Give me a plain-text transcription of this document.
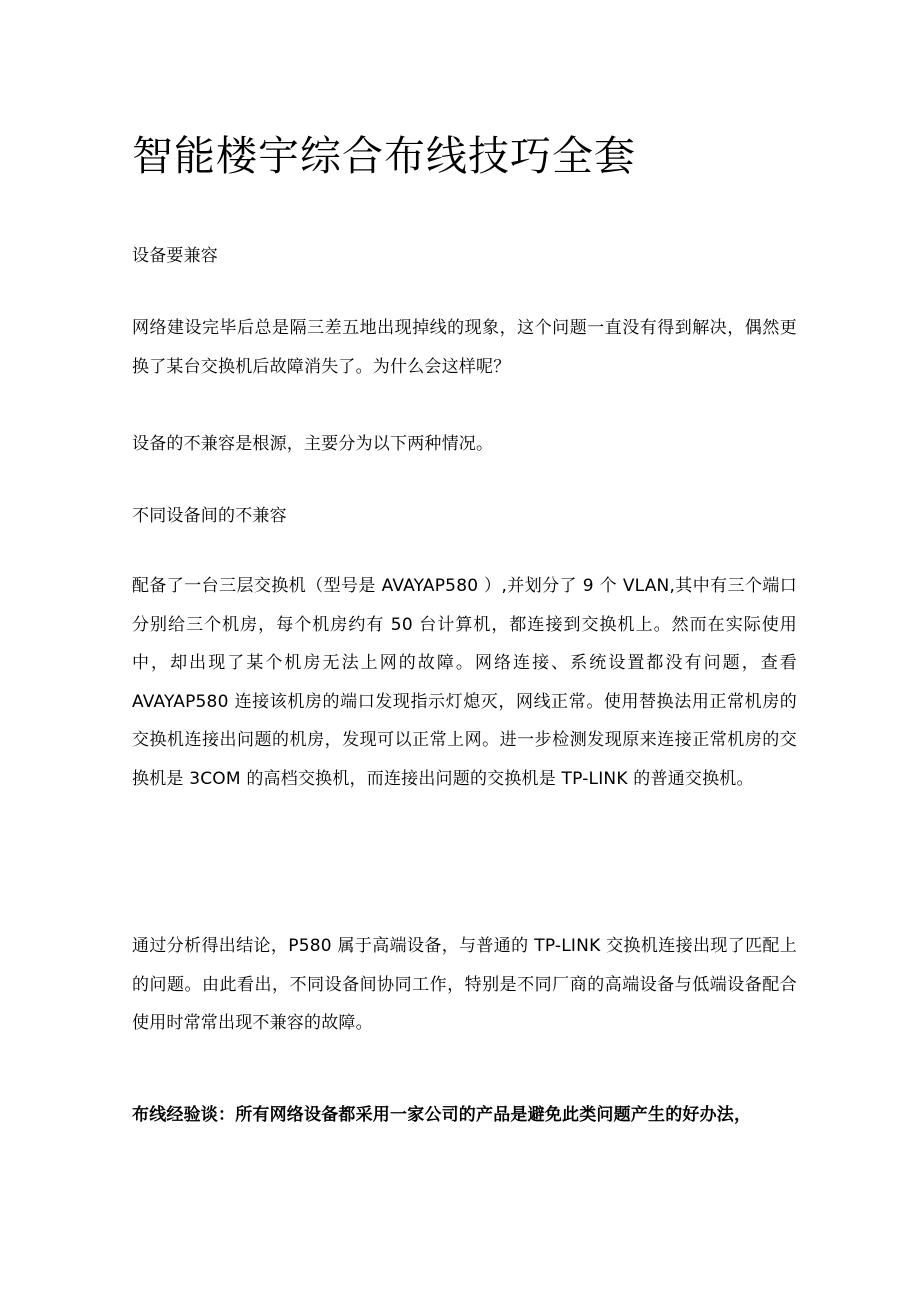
智能楼宇综合布线技巧全套

设备要兼容

网络建设完毕后总是隔三差五地出现掉线的现象，这个问题一直没有得到解决，偶然更换了某台交换机后故障消失了。为什么会这样呢？

设备的不兼容是根源，主要分为以下两种情况。

不同设备间的不兼容

配备了一台三层交换机（型号是 AVAYAP580 ）,并划分了 9 个 VLAN,其中有三个端口分别给三个机房，每个机房约有 50 台计算机，都连接到交换机上。然而在实际使用中，却出现了某个机房无法上网的故障。网络连接、系统设置都没有问题，查看 AVAYAP580 连接该机房的端口发现指示灯熄灭，网线正常。使用替换法用正常机房的交换机连接出问题的机房，发现可以正常上网。进一步检测发现原来连接正常机房的交换机是 3COM 的高档交换机，而连接出问题的交换机是 TP-LINK 的普通交换机。

通过分析得出结论，P580 属于高端设备，与普通的 TP-LINK 交换机连接出现了匹配上的问题。由此看出，不同设备间协同工作，特别是不同厂商的高端设备与低端设备配合使用时常常出现不兼容的故障。

布线经验谈：所有网络设备都采用一家公司的产品是避免此类问题产生的好办法，
